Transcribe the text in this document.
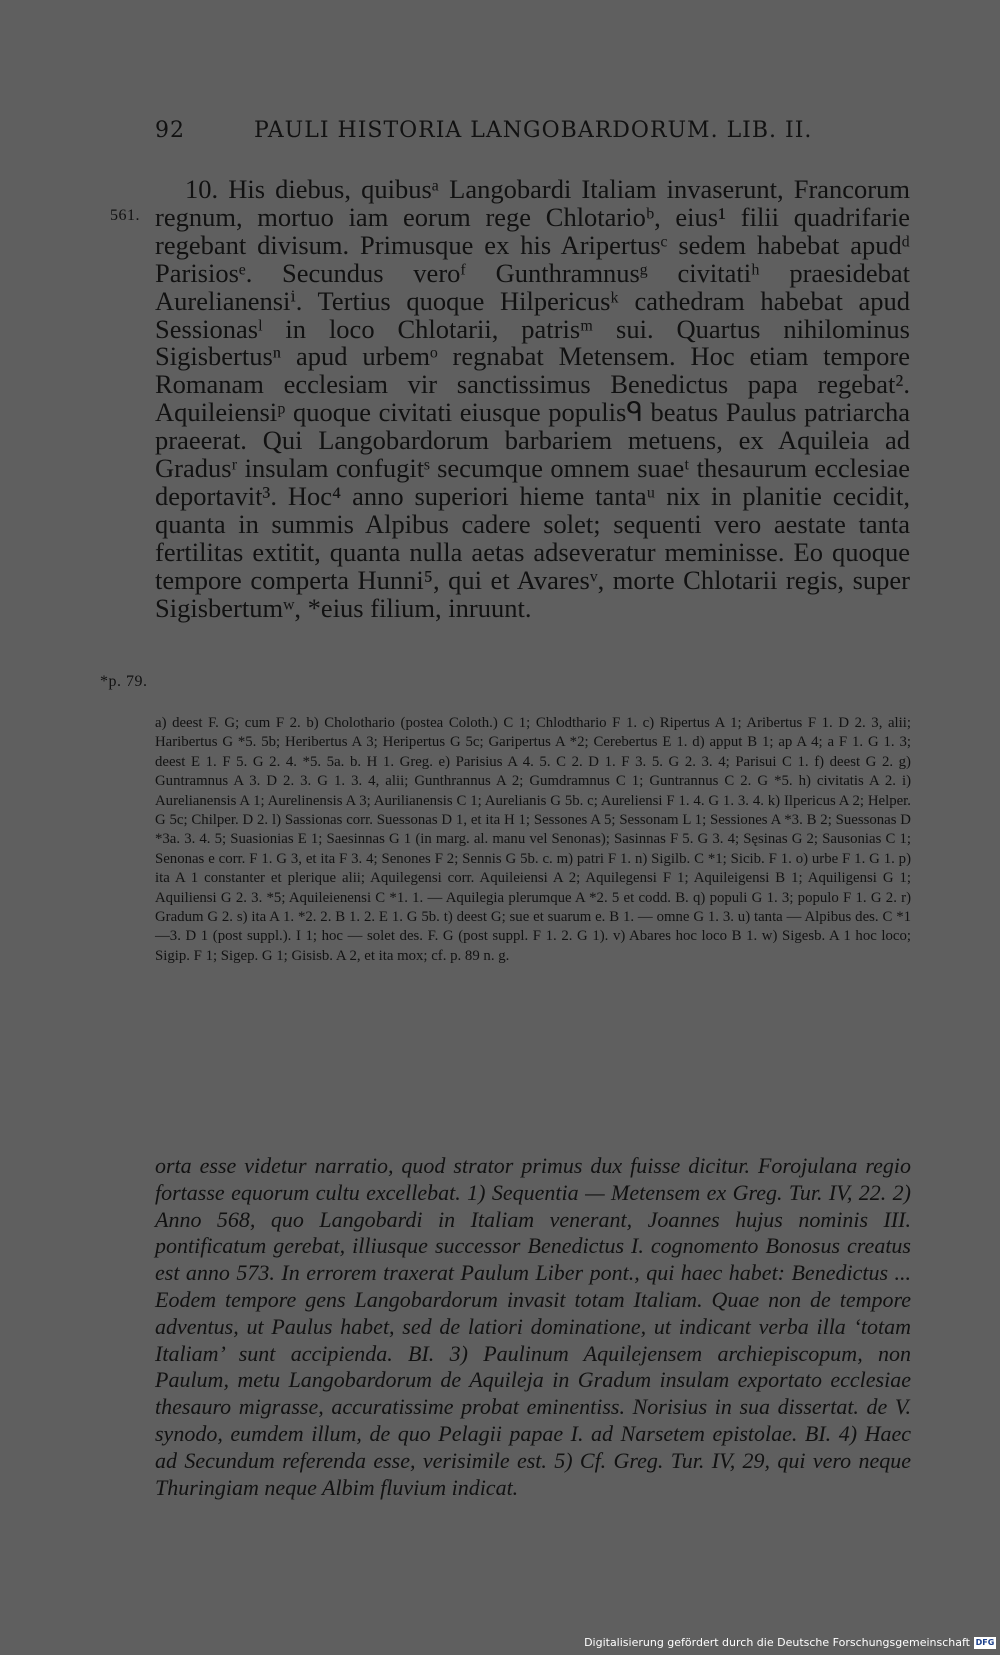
92	PAULI HISTORIA LANGOBARDORUM. LIB. II.
561.
*p. 79.

10. His diebus, quibusᵃ Langobardi Italiam invaserunt, Francorum regnum, mortuo iam eorum rege Chlotarioᵇ, eius¹ filii quadrifarie regebant divisum. Primusque ex his Aripertusᶜ sedem habebat apudᵈ Parisiosᵉ. Secundus veroᶠ Gunthramnusᵍ civitatiʰ praesidebat Aurelianensiⁱ. Tertius quoque Hilpericusᵏ cathedram habebat apud Sessionasˡ in loco Chlotarii, patrisᵐ sui. Quartus nihilominus Sigisbertusⁿ apud urbemᵒ regnabat Metensem. Hoc etiam tempore Romanam ecclesiam vir sanctissimus Benedictus papa regebat². Aquileiensiᵖ quoque civitati eiusque populisᑫ beatus Paulus patriarcha praeerat. Qui Langobardorum barbariem metuens, ex Aquileia ad Gradusʳ insulam confugitˢ secumque omnem suaeᵗ thesaurum ecclesiae deportavit³. Hoc⁴ anno superiori hieme tantaᵘ nix in planitie cecidit, quanta in summis Alpibus cadere solet; sequenti vero aestate tanta fertilitas extitit, quanta nulla aetas adseveratur meminisse. Eo quoque tempore comperta Hunni⁵, qui et Avaresᵛ, morte Chlotarii regis, super Sigisbertumʷ, *eius filium, inruunt.

a) deest F. G; cum F 2. b) Cholothario (postea Coloth.) C 1; Chlodthario F 1. c) Ripertus A 1; Aribertus F 1. D 2. 3, alii; Haribertus G *5. 5b; Heribertus A 3; Heripertus G 5c; Garipertus A *2; Cerebertus E 1. d) apput B 1; ap A 4; a F 1. G 1. 3; deest E 1. F 5. G 2. 4. *5. 5a. b. H 1. Greg. e) Parisius A 4. 5. C 2. D 1. F 3. 5. G 2. 3. 4; Parisui C 1. f) deest G 2. g) Guntramnus A 3. D 2. 3. G 1. 3. 4, alii; Gunthrannus A 2; Gumdramnus C 1; Guntrannus C 2. G *5. h) civitatis A 2. i) Aurelianensis A 1; Aurelinensis A 3; Aurilianensis C 1; Aurelianis G 5b. c; Aureliensi F 1. 4. G 1. 3. 4. k) Ilpericus A 2; Helper. G 5c; Chilper. D 2. l) Sassionas corr. Suessonas D 1, et ita H 1; Sessones A 5; Sessonam L 1; Sessiones A *3. B 2; Suessonas D *3a. 3. 4. 5; Suasionias E 1; Saesinnas G 1 (in marg. al. manu vel Senonas); Sasinnas F 5. G 3. 4; Sęsinas G 2; Sausonias C 1; Senonas e corr. F 1. G 3, et ita F 3. 4; Senones F 2; Sennis G 5b. c. m) patri F 1. n) Sigilb. C *1; Sicib. F 1. o) urbe F 1. G 1. p) ita A 1 constanter et plerique alii; Aquilegensi corr. Aquileiensi A 2; Aquilegensi F 1; Aquileigensi B 1; Aquiligensi G 1; Aquiliensi G 2. 3. *5; Aquileienensi C *1. 1. — Aquilegia plerumque A *2. 5 et codd. B. q) populi G 1. 3; populo F 1. G 2. r) Gradum G 2. s) ita A 1. *2. 2. B 1. 2. E 1. G 5b. t) deest G; sue et suarum e. B 1. — omne G 1. 3. u) tanta — Alpibus des. C *1—3. D 1 (post suppl.). I 1; hoc — solet des. F. G (post suppl. F 1. 2. G 1). v) Abares hoc loco B 1. w) Sigesb. A 1 hoc loco; Sigip. F 1; Sigep. G 1; Gisisb. A 2, et ita mox; cf. p. 89 n. g.

orta esse videtur narratio, quod strator primus dux fuisse dicitur. Forojulana regio fortasse equorum cultu excellebat. 1) Sequentia — Metensem ex Greg. Tur. IV, 22. 2) Anno 568, quo Langobardi in Italiam venerant, Joannes hujus nominis III. pontificatum gerebat, illiusque successor Benedictus I. cognomento Bonosus creatus est anno 573. In errorem traxerat Paulum Liber pont., qui haec habet: Benedictus ... Eodem tempore gens Langobardorum invasit totam Italiam. Quae non de tempore adventus, ut Paulus habet, sed de latiori dominatione, ut indicant verba illa ‘totam Italiam’ sunt accipienda. BI. 3) Paulinum Aquilejensem archiepiscopum, non Paulum, metu Langobardorum de Aquileja in Gradum insulam exportato ecclesiae thesauro migrasse, accuratissime probat eminentiss. Norisius in sua dissertat. de V. synodo, eumdem illum, de quo Pelagii papae I. ad Narsetem epistolae. BI. 4) Haec ad Secundum referenda esse, verisimile est. 5) Cf. Greg. Tur. IV, 29, qui vero neque Thuringiam neque Albim fluvium indicat.

Digitalisierung gefördert durch die Deutsche Forschungsgemeinschaft DFG
